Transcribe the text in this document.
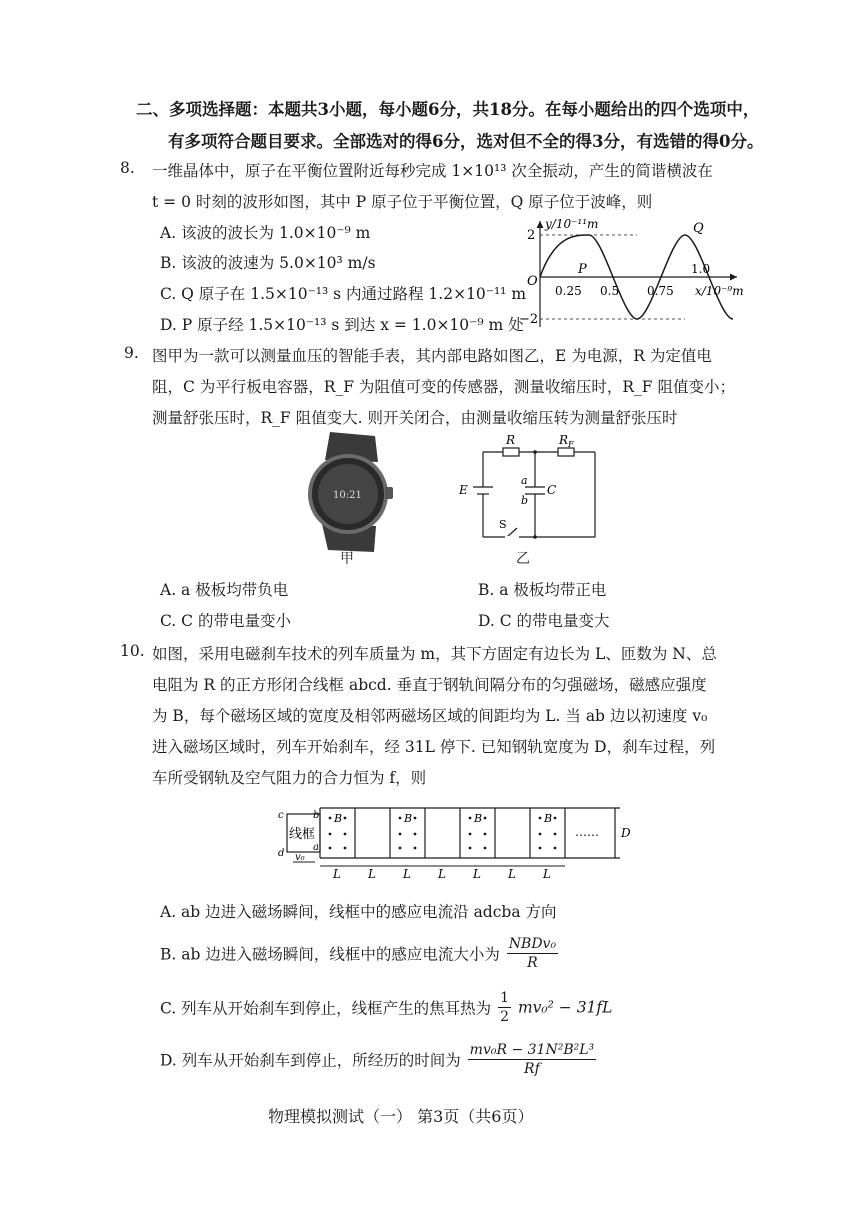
二、多项选择题：本题共3小题，每小题6分，共18分。在每小题给出的四个选项中，
有多项符合题目要求。全部选对的得6分，选对但不全的得3分，有选错的得0分。
8. 一维晶体中，原子在平衡位置附近每秒完成 1×10¹³ 次全振动，产生的简谐横波在
t = 0 时刻的波形如图，其中 P 原子位于平衡位置，Q 原子位于波峰，则
A. 该波的波长为 1.0×10⁻⁹ m
B. 该波的波速为 5.0×10³ m/s
C. Q 原子在 1.5×10⁻¹³ s 内通过路程 1.2×10⁻¹¹ m
D. P 原子经 1.5×10⁻¹³ s 到达 x = 1.0×10⁻⁹ m 处
y/10⁻¹¹m
2
−2
O
0.25 0.5 0.75
1.0
x/10⁻⁹m
P
Q
9. 图甲为一款可以测量血压的智能手表，其内部电路如图乙，E 为电源，R 为定值电
阻，C 为平行板电容器，R_F 为阻值可变的传感器，测量收缩压时，R_F 阻值变小；
测量舒张压时，R_F 阻值变大. 则开关闭合，由测量收缩压转为测量舒张压时
10:21
甲
R	$R_F$
E
a
b
C
S
乙
A. a 极板均带负电	B. a 极板均带正电
C. C 的带电量变小	D. C 的带电量变大
10. 如图，采用电磁刹车技术的列车质量为 m，其下方固定有边长为 L、匝数为 N、总
电阻为 R 的正方形闭合线框 abcd. 垂直于钢轨间隔分布的匀强磁场，磁感应强度
为 B，每个磁场区域的宽度及相邻两磁场区域的间距均为 L. 当 ab 边以初速度 v₀
进入磁场区域时，列车开始刹车，经 31L 停下. 已知钢轨宽度为 D，刹车过程，列
车所受钢轨及空气阻力的合力恒为 f，则
线框
c	b
d
a
v₀
B	B	B	B
…… D
L L L L L L L
A. ab 边进入磁场瞬间，线框中的感应电流沿 adcba 方向
B. ab 边进入磁场瞬间，线框中的感应电流大小为 $\frac{\text{NBDv₀}}{R}$
C. 列车从开始刹车到停止，线框产生的焦耳热为 $\frac{1}{2} mv_0^2 - 31fL$
D. 列车从开始刹车到停止，所经历的时间为 $\frac{\text{mv₀R − 31N²B²L³}}{Rf}$
物理模拟测试（一） 第3页（共6页）
